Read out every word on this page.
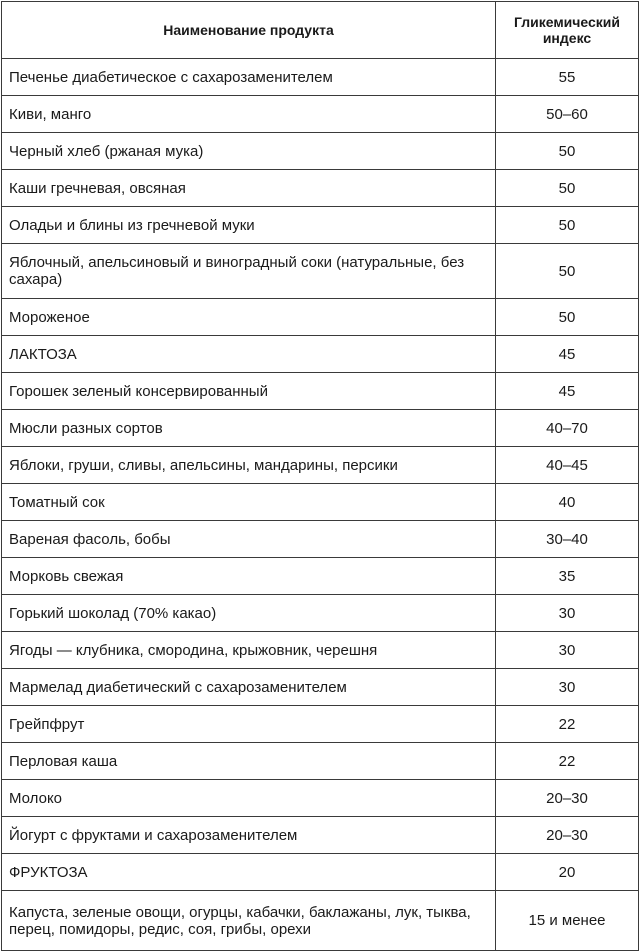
Наименование продукта	Гликемический индекс
Печенье диабетическое с сахарозаменителем	55
Киви, манго	50–60
Черный хлеб (ржаная мука)	50
Каши гречневая, овсяная	50
Оладьи и блины из гречневой муки	50
Яблочный, апельсиновый и виноградный соки (натуральные, без сахара)	50
Мороженое	50
ЛАКТОЗА	45
Горошек зеленый консервированный	45
Мюсли разных сортов	40–70
Яблоки, груши, сливы, апельсины, мандарины, персики	40–45
Томатный сок	40
Вареная фасоль, бобы	30–40
Морковь свежая	35
Горький шоколад (70% какао)	30
Ягоды — клубника, смородина, крыжовник, черешня	30
Мармелад диабетический с сахарозаменителем	30
Грейпфрут	22
Перловая каша	22
Молоко	20–30
Йогурт с фруктами и сахарозаменителем	20–30
ФРУКТОЗА	20
Капуста, зеленые овощи, огурцы, кабачки, баклажаны, лук, тыква, перец, помидоры, редис, соя, грибы, орехи	15 и менее
